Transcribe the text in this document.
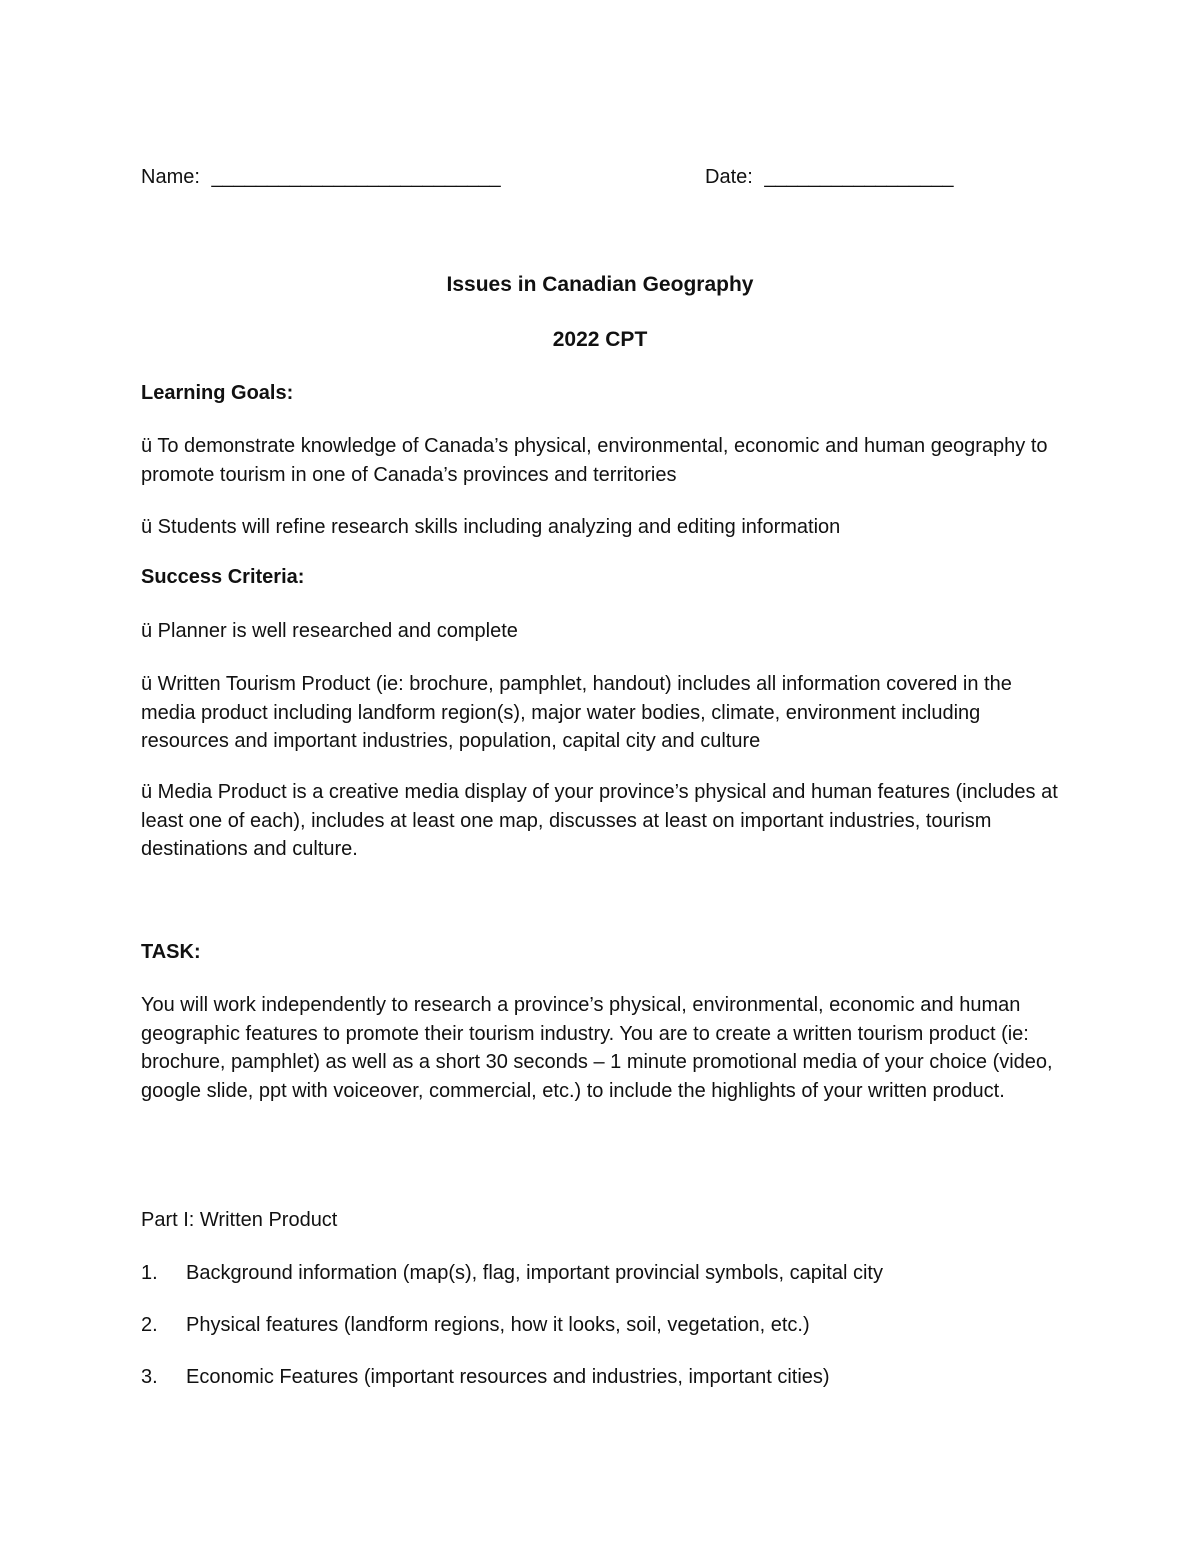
Name: __________________________	Date: _________________
Issues in Canadian Geography
2022 CPT
Learning Goals:
ü To demonstrate knowledge of Canada’s physical, environmental, economic and human geography to promote tourism in one of Canada’s provinces and territories
ü Students will refine research skills including analyzing and editing information
Success Criteria:
ü Planner is well researched and complete
ü Written Tourism Product (ie: brochure, pamphlet, handout) includes all information covered in the media product including landform region(s), major water bodies, climate, environment including resources and important industries, population, capital city and culture
ü Media Product is a creative media display of your province’s physical and human features (includes at least one of each), includes at least one map, discusses at least on important industries, tourism destinations and culture.
TASK:
You will work independently to research a province’s physical, environmental, economic and human geographic features to promote their tourism industry. You are to create a written tourism product (ie: brochure, pamphlet) as well as a short 30 seconds – 1 minute promotional media of your choice (video, google slide, ppt with voiceover, commercial, etc.) to include the highlights of your written product.
Part I: Written Product
1. Background information (map(s), flag, important provincial symbols, capital city
2. Physical features (landform regions, how it looks, soil, vegetation, etc.)
3. Economic Features (important resources and industries, important cities)
